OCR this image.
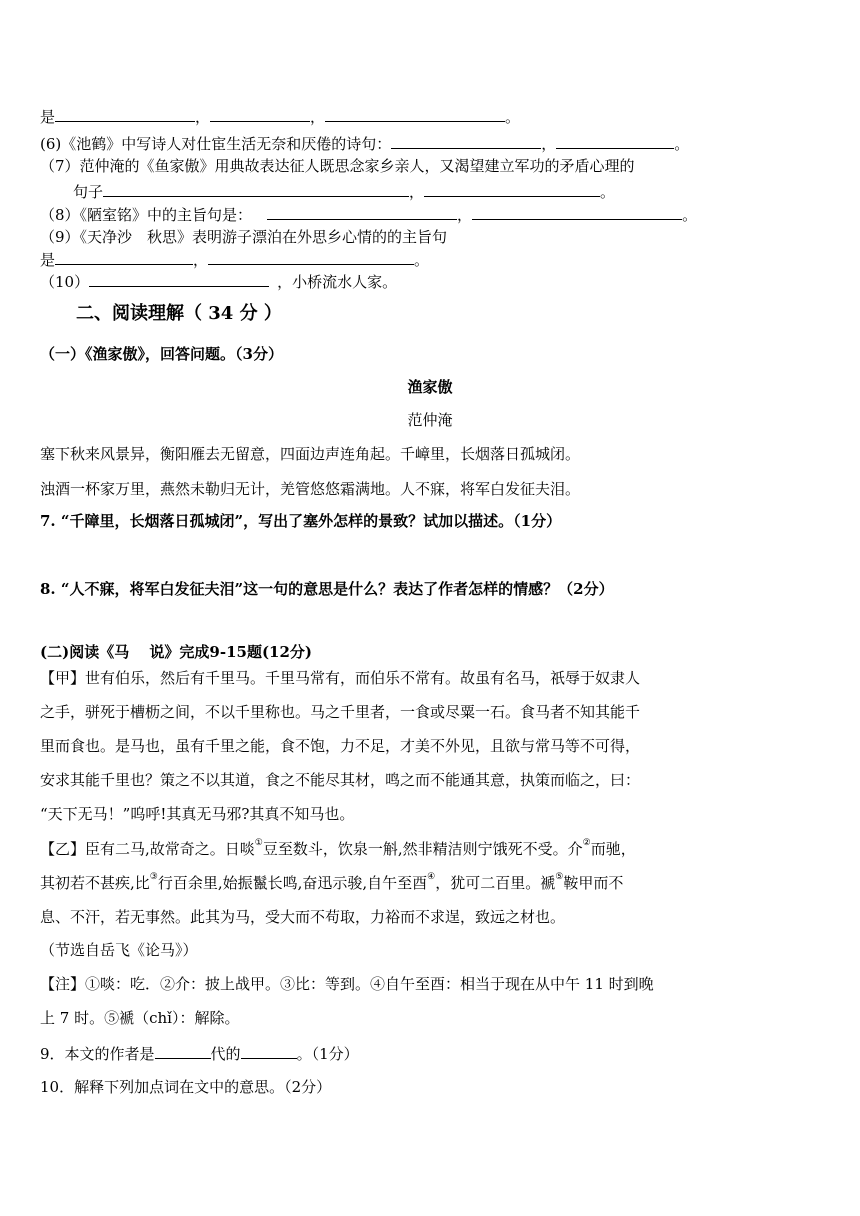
是	，	，	。
(6)《池鹤》中写诗人对仕宦生活无奈和厌倦的诗句：	，	。
（7）范仲淹的《鱼家傲》用典故表达征人既思念家乡亲人，又渴望建立军功的矛盾心理的
句子	，	。
（8）《陋室铭》中的主旨句是：	，	。
（9）《天净沙　秋思》表明游子漂泊在外思乡心情的的主旨句
是	，	。
（10）	，小桥流水人家。
二、阅读理解（ 34 分 ）
（一）《渔家傲》，回答问题。（3分）
渔家傲
范仲淹
塞下秋来风景异，衡阳雁去无留意，四面边声连角起。千嶂里，长烟落日孤城闭。
浊酒一杯家万里，燕然未勒归无计，羌管悠悠霜满地。人不寐，将军白发征夫泪。
7. “千障里，长烟落日孤城闭”，写出了塞外怎样的景致？试加以描述。（1分）
8. “人不寐，将军白发征夫泪”这一句的意思是什么？表达了作者怎样的情感？（2分）
(二)阅读《马　 说》完成9-15题(12分)
【甲】世有伯乐，然后有千里马。千里马常有，而伯乐不常有。故虽有名马，祇辱于奴隶人
之手，骈死于槽枥之间，不以千里称也。马之千里者，一食或尽粟一石。食马者不知其能千
里而食也。是马也，虽有千里之能，食不饱，力不足，才美不外见，且欲与常马等不可得，
安求其能千里也？策之不以其道，食之不能尽其材，鸣之而不能通其意，执策而临之，曰：
“天下无马！”呜呼!其真无马邪?其真不知马也。
【乙】臣有二马,故常奇之。日啖①豆至数斗，饮泉一斛,然非精洁则宁饿死不受。介②而驰，
其初若不甚疾,比③行百余里,始振鬣长鸣,奋迅示骏,自午至酉④，犹可二百里。褫⑤鞍甲而不
息、不汗，若无事然。此其为马，受大而不苟取，力裕而不求逞，致远之材也。
（节选自岳飞《论马》）
【注】①啖：吃．②介：披上战甲。③比：等到。④自午至酉：相当于现在从中午 11 时到晚
上 7 时。⑤褫（chǐ）：解除。
9．本文的作者是	代的	。（1分）
10．解释下列加点词在文中的意思。（2分）
